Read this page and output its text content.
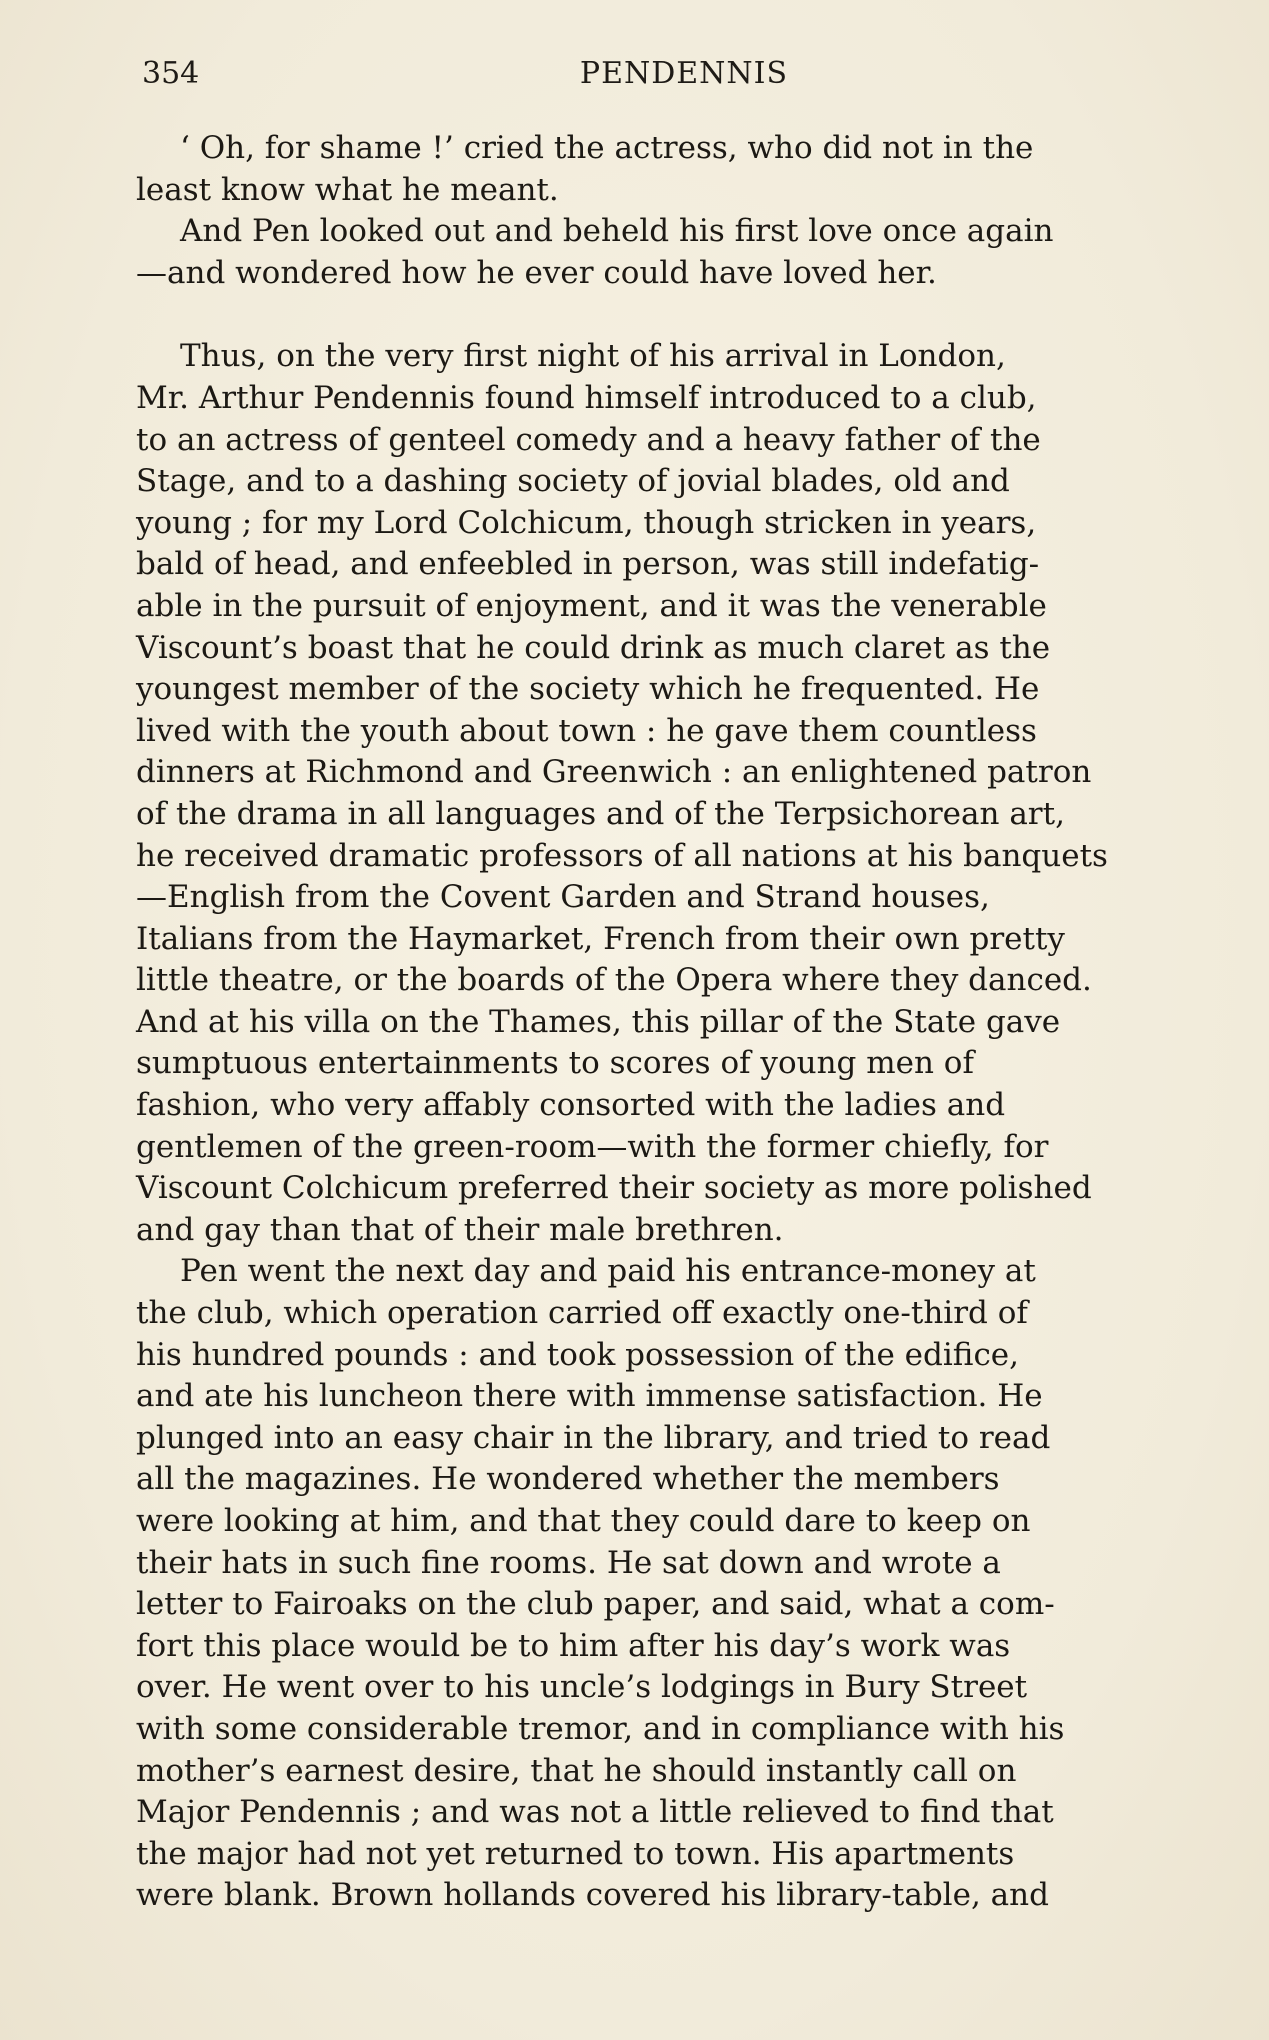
354	PENDENNIS

‘ Oh, for shame !’ cried the actress, who did not in the
least know what he meant.

And Pen looked out and beheld his first love once again
—and wondered how he ever could have loved her.

Thus, on the very first night of his arrival in London,
Mr. Arthur Pendennis found himself introduced to a club,
to an actress of genteel comedy and a heavy father of the
Stage, and to a dashing society of jovial blades, old and
young ; for my Lord Colchicum, though stricken in years,
bald of head, and enfeebled in person, was still indefatig-
able in the pursuit of enjoyment, and it was the venerable
Viscount’s boast that he could drink as much claret as the
youngest member of the society which he frequented. He
lived with the youth about town : he gave them countless
dinners at Richmond and Greenwich : an enlightened patron
of the drama in all languages and of the Terpsichorean art,
he received dramatic professors of all nations at his banquets
—English from the Covent Garden and Strand houses,
Italians from the Haymarket, French from their own pretty
little theatre, or the boards of the Opera where they danced.
And at his villa on the Thames, this pillar of the State gave
sumptuous entertainments to scores of young men of
fashion, who very affably consorted with the ladies and
gentlemen of the green-room—with the former chiefly, for
Viscount Colchicum preferred their society as more polished
and gay than that of their male brethren.

Pen went the next day and paid his entrance-money at
the club, which operation carried off exactly one-third of
his hundred pounds : and took possession of the edifice,
and ate his luncheon there with immense satisfaction. He
plunged into an easy chair in the library, and tried to read
all the magazines. He wondered whether the members
were looking at him, and that they could dare to keep on
their hats in such fine rooms. He sat down and wrote a
letter to Fairoaks on the club paper, and said, what a com-
fort this place would be to him after his day’s work was
over. He went over to his uncle’s lodgings in Bury Street
with some considerable tremor, and in compliance with his
mother’s earnest desire, that he should instantly call on
Major Pendennis ; and was not a little relieved to find that
the major had not yet returned to town. His apartments
were blank. Brown hollands covered his library-table, and
